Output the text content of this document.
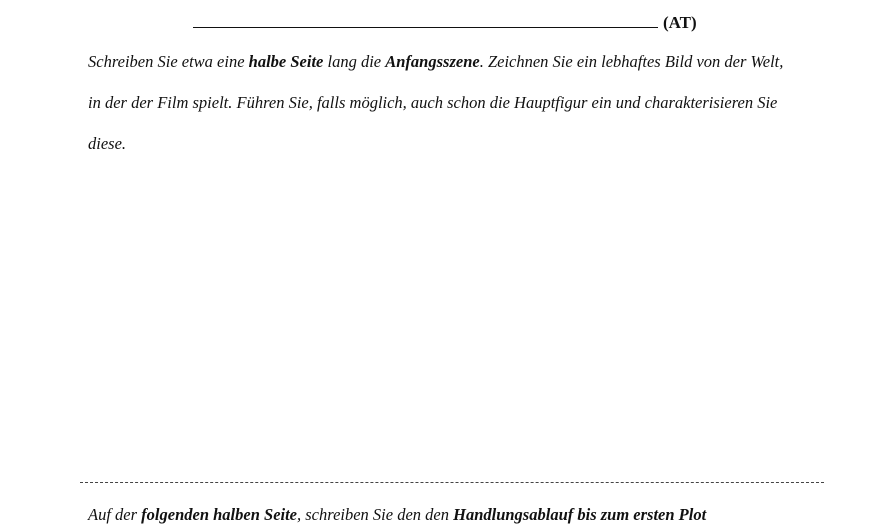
(AT)
Schreiben Sie etwa eine halbe Seite lang die Anfangsszene. Zeichnen Sie ein lebhaftes Bild von der Welt, in der der Film spielt. Führen Sie, falls möglich, auch schon die Hauptfigur ein und charakterisieren Sie diese.
Auf der folgenden halben Seite, schreiben Sie den den Handlungsablauf bis zum ersten Plot
